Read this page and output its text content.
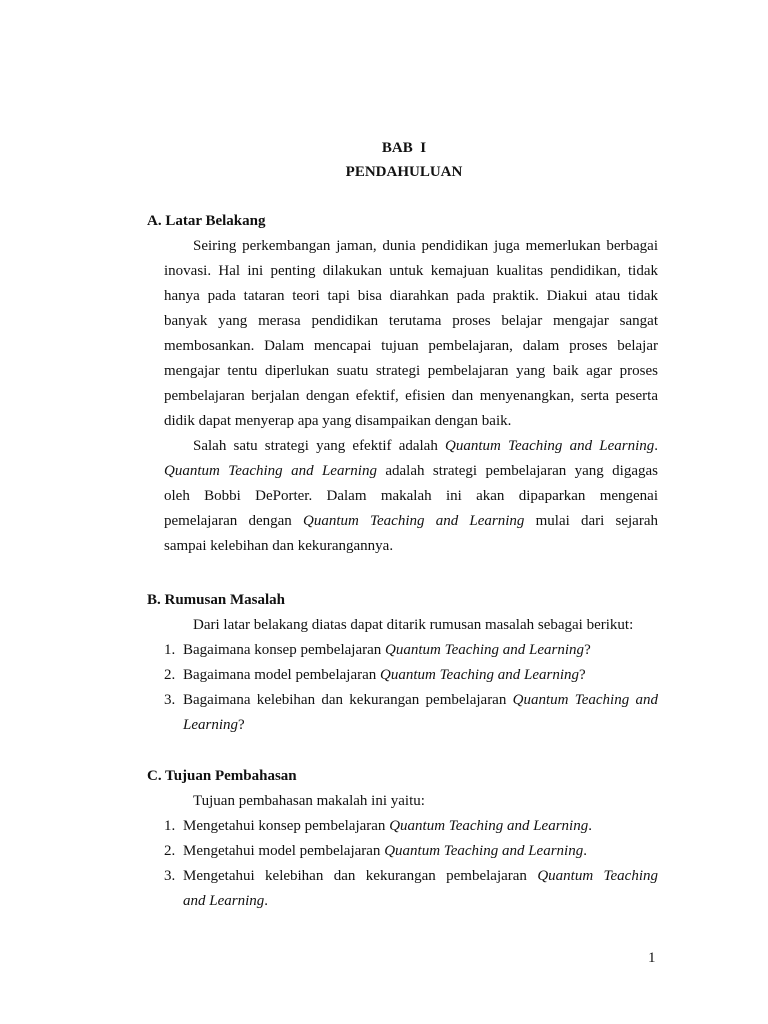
BAB  I
PENDAHULUAN
A. Latar Belakang
Seiring perkembangan jaman, dunia pendidikan juga memerlukan berbagai
inovasi. Hal ini penting dilakukan untuk kemajuan kualitas pendidikan, tidak
hanya pada tataran teori tapi bisa diarahkan pada praktik. Diakui atau tidak
banyak yang merasa pendidikan terutama proses belajar mengajar sangat
membosankan. Dalam mencapai tujuan pembelajaran, dalam proses belajar
mengajar tentu diperlukan suatu strategi pembelajaran yang baik agar proses
pembelajaran berjalan dengan efektif, efisien dan menyenangkan, serta peserta
didik dapat menyerap apa yang disampaikan dengan baik.
Salah satu strategi yang efektif adalah Quantum Teaching and Learning.
Quantum Teaching and Learning adalah strategi pembelajaran yang digagas
oleh Bobbi DePorter. Dalam makalah ini akan dipaparkan mengenai
pemelajaran dengan Quantum Teaching and Learning mulai dari sejarah
sampai kelebihan dan kekurangannya.
B. Rumusan Masalah
Dari latar belakang diatas dapat ditarik rumusan masalah sebagai berikut:
1. Bagaimana konsep pembelajaran Quantum Teaching and Learning?
2. Bagaimana model pembelajaran Quantum Teaching and Learning?
3. Bagaimana kelebihan dan kekurangan pembelajaran Quantum Teaching and
Learning?
C. Tujuan Pembahasan
Tujuan pembahasan makalah ini yaitu:
1. Mengetahui konsep pembelajaran Quantum Teaching and Learning.
2. Mengetahui model pembelajaran Quantum Teaching and Learning.
3. Mengetahui kelebihan dan kekurangan pembelajaran Quantum Teaching
and Learning.
1
